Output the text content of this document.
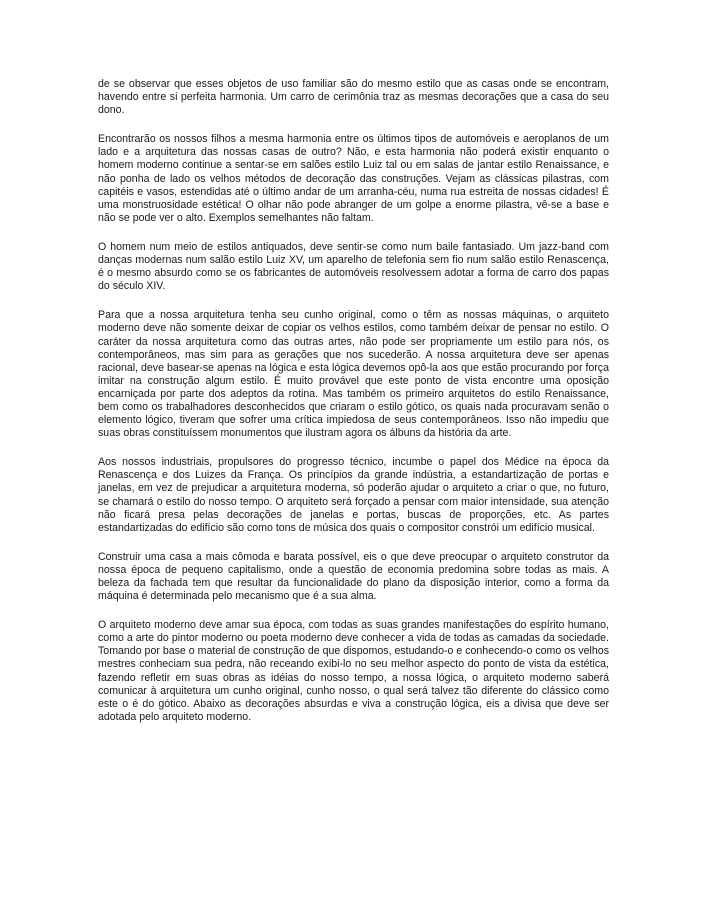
de se observar que esses objetos de uso familiar são do mesmo estilo que as casas onde se encontram, havendo entre si perfeita harmonia. Um carro de cerimônia traz as mesmas decorações que a casa do seu dono.

Encontrarão os nossos filhos a mesma harmonia entre os últimos tipos de automóveis e aeroplanos de um lado e a arquitetura das nossas casas de outro? Não, e esta harmonia não poderá existir enquanto o homem moderno continue a sentar-se em salões estilo Luiz tal ou em salas de jantar estilo Renaissance, e não ponha de lado os velhos métodos de decoração das construções. Vejam as clássicas pilastras, com capitéis e vasos, estendidas até o último andar de um arranha-céu, numa rua estreita de nossas cidades! É uma monstruosidade estética! O olhar não pode abranger de um golpe a enorme pilastra, vê-se a base e não se pode ver o alto. Exemplos semelhantes não faltam.

O homem num meio de estilos antiquados, deve sentir-se como num baile fantasiado. Um jazz-band com danças modernas num salão estilo Luiz XV, um aparelho de telefonia sem fio num salão estilo Renascença, é o mesmo absurdo como se os fabricantes de automóveis resolvessem adotar a forma de carro dos papas do século XIV.

Para que a nossa arquitetura tenha seu cunho original, como o têm as nossas máquinas, o arquiteto moderno deve não somente deixar de copiar os velhos estilos, como também deixar de pensar no estilo. O caráter da nossa arquitetura como das outras artes, não pode ser propriamente um estilo para nós, os contemporâneos, mas sim para as gerações que nos sucederão. A nossa arquitetura deve ser apenas racional, deve basear-se apenas na lógica e esta lógica devemos opô-la aos que estão procurando por força imitar na construção algum estilo. É muito provável que este ponto de vista encontre uma oposição encarniçada por parte dos adeptos da rotina. Mas também os primeiro arquitetos do estilo Renaissance, bem como os trabalhadores desconhecidos que criaram o estilo gótico, os quais nada procuravam senão o elemento lógico, tiveram que sofrer uma crítica impiedosa de seus contemporâneos. Isso não impediu que suas obras constituíssem monumentos que ilustram agora os álbuns da história da arte.

Aos nossos industriais, propulsores do progresso técnico, incumbe o papel dos Médice na época da Renascença e dos Luizes da França. Os princípios da grande indústria, a estandartização de portas e janelas, em vez de prejudicar a arquitetura moderna, só poderão ajudar o arquiteto a criar o que, no futuro, se chamará o estilo do nosso tempo. O arquiteto será forçado a pensar com maior intensidade, sua atenção não ficará presa pelas decorações de janelas e portas, buscas de proporções, etc. As partes estandartizadas do edifício são como tons de música dos quais o compositor constrói um edifício musical.

Construir uma casa a mais cômoda e barata possível, eis o que deve preocupar o arquiteto construtor da nossa época de pequeno capitalismo, onde a questão de economia predomina sobre todas as mais. A beleza da fachada tem que resultar da funcionalidade do plano da disposição interior, como a forma da máquina é determinada pelo mecanismo que é a sua alma.

O arquiteto moderno deve amar sua época, com todas as suas grandes manifestações do espírito humano, como a arte do pintor moderno ou poeta moderno deve conhecer a vida de todas as camadas da sociedade. Tomando por base o material de construção de que dispomos, estudando-o e conhecendo-o como os velhos mestres conheciam sua pedra, não receando exibi-lo no seu melhor aspecto do ponto de vista da estética, fazendo refletir em suas obras as idéias do nosso tempo, a nossa lógica, o arquiteto moderno saberá comunicar à arquitetura um cunho original, cunho nosso, o qual será talvez tão diferente do clássico como este o é do gótico. Abaixo as decorações absurdas e viva a construção lógica, eis a divisa que deve ser adotada pelo arquiteto moderno.
